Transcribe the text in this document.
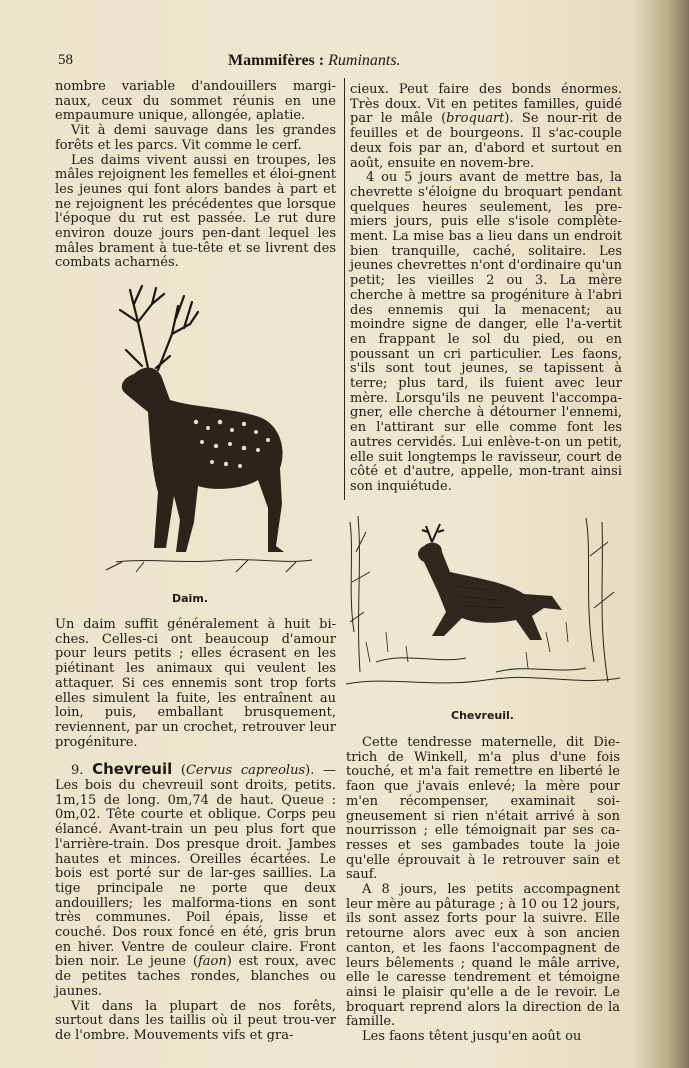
58	Mammifères : Ruminants.

nombre variable d'andouillers margi-naux, ceux du sommet réunis en une empaumure unique, allongée, aplatie.

Vit à demi sauvage dans les grandes forêts et les parcs. Vit comme le cerf.

Les daims vivent aussi en troupes, les mâles rejoignent les femelles et éloi-gnent les jeunes qui font alors bandes à part et ne rejoignent les précédentes que lorsque l'époque du rut est passée. Le rut dure environ douze jours pen-dant lequel les mâles brament à tue-tête et se livrent des combats acharnés.

Daim.

Un daim suffit généralement à huit bi-ches. Celles-ci ont beaucoup d'amour pour leurs petits ; elles écrasent en les piétinant les animaux qui veulent les attaquer. Si ces ennemis sont trop forts elles simulent la fuite, les entraînent au loin, puis, emballant brusquement, reviennent, par un crochet, retrouver leur progéniture.

9. Chevreuil (Cervus capreolus). — Les bois du chevreuil sont droits, petits. 1m,15 de long. 0m,74 de haut. Queue : 0m,02. Tête courte et oblique. Corps peu élancé. Avant-train un peu plus fort que l'arrière-train. Dos presque droit. Jambes hautes et minces. Oreilles écartées. Le bois est porté sur de lar-ges saillies. La tige principale ne porte que deux andouillers; les malforma-tions en sont très communes. Poil épais, lisse et couché. Dos roux foncé en été, gris brun en hiver. Ventre de couleur claire. Front bien noir. Le jeune (faon) est roux, avec de petites taches rondes, blanches ou jaunes.

Vit dans la plupart de nos forêts, surtout dans les taillis où il peut trou-ver de l'ombre. Mouvements vifs et gra-

cieux. Peut faire des bonds énormes. Très doux. Vit en petites familles, guidé par le mâle (broquart). Se nour-rit de feuilles et de bourgeons. Il s'ac-couple deux fois par an, d'abord et surtout en août, ensuite en novem-bre.

4 ou 5 jours avant de mettre bas, la chevrette s'éloigne du broquart pendant quelques heures seulement, les pre-miers jours, puis elle s'isole complète-ment. La mise bas a lieu dans un endroit bien tranquille, caché, solitaire. Les jeunes chevrettes n'ont d'ordinaire qu'un petit; les vieilles 2 ou 3. La mère cherche à mettre sa progéniture à l'abri des ennemis qui la menacent; au moindre signe de danger, elle l'a-vertit en frappant le sol du pied, ou en poussant un cri particulier. Les faons, s'ils sont tout jeunes, se tapissent à terre; plus tard, ils fuient avec leur mère. Lorsqu'ils ne peuvent l'accompa-gner, elle cherche à détourner l'ennemi, en l'attirant sur elle comme font les autres cervidés. Lui enlève-t-on un petit, elle suit longtemps le ravisseur, court de côté et d'autre, appelle, mon-trant ainsi son inquiétude.

Chevreuil.

Cette tendresse maternelle, dit Die-trich de Winkell, m'a plus d'une fois touché, et m'a fait remettre en liberté le faon que j'avais enlevé; la mère pour m'en récompenser, examinait soi-gneusement si rien n'était arrivé à son nourrisson ; elle témoignait par ses ca-resses et ses gambades toute la joie qu'elle éprouvait à le retrouver sain et sauf.

A 8 jours, les petits accompagnent leur mère au pâturage ; à 10 ou 12 jours, ils sont assez forts pour la suivre. Elle retourne alors avec eux à son ancien canton, et les faons l'accompagnent de leurs bêlements ; quand le mâle arrive, elle le caresse tendrement et témoigne ainsi le plaisir qu'elle a de le revoir. Le broquart reprend alors la direction de la famille.

Les faons têtent jusqu'en août ou
